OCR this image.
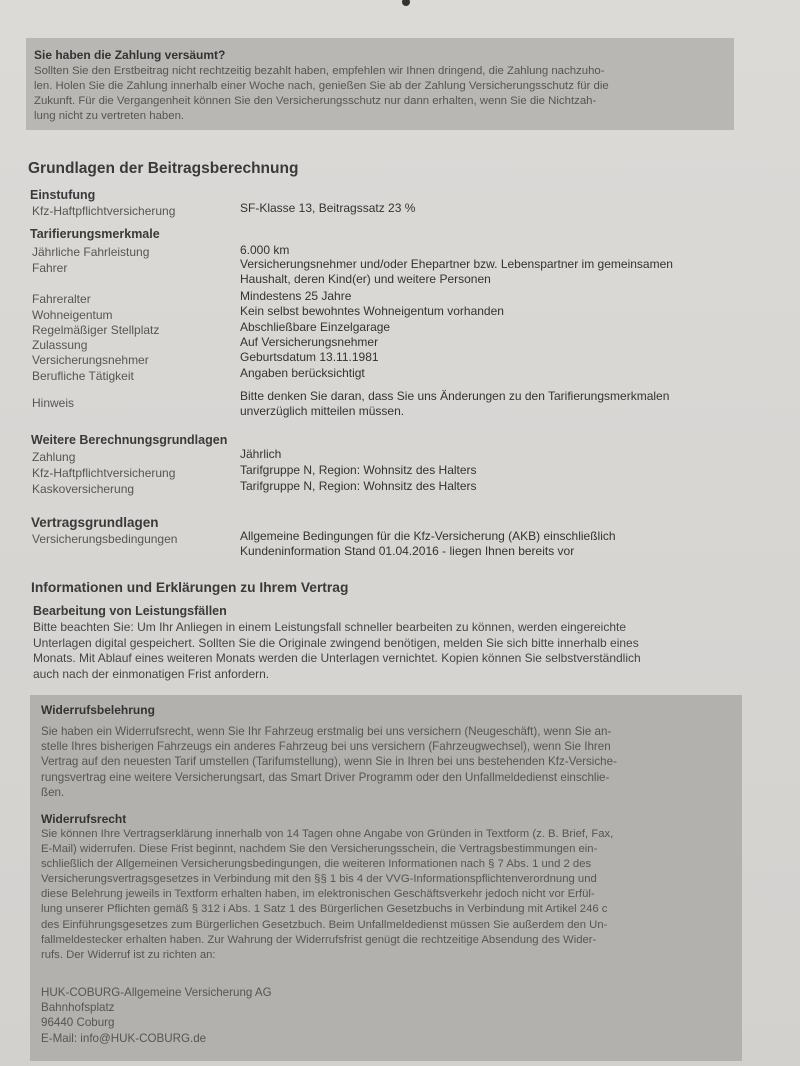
Sie haben die Zahlung versäumt?
Sollten Sie den Erstbeitrag nicht rechtzeitig bezahlt haben, empfehlen wir Ihnen dringend, die Zahlung nachzuho-
len. Holen Sie die Zahlung innerhalb einer Woche nach, genießen Sie ab der Zahlung Versicherungsschutz für die
Zukunft. Für die Vergangenheit können Sie den Versicherungsschutz nur dann erhalten, wenn Sie die Nichtzah-
lung nicht zu vertreten haben.
Grundlagen der Beitragsberechnung
Einstufung
Kfz-Haftpflichtversicherung	SF-Klasse 13, Beitragssatz 23 %
Tarifierungsmerkmale
Jährliche Fahrleistung	6.000 km
Fahrer	Versicherungsnehmer und/oder Ehepartner bzw. Lebenspartner im gemeinsamen
Haushalt, deren Kind(er) und weitere Personen
Fahreralter	Mindestens 25 Jahre
Wohneigentum	Kein selbst bewohntes Wohneigentum vorhanden
Regelmäßiger Stellplatz	Abschließbare Einzelgarage
Zulassung	Auf Versicherungsnehmer
Versicherungsnehmer	Geburtsdatum 13.11.1981
Berufliche Tätigkeit	Angaben berücksichtigt
Hinweis	Bitte denken Sie daran, dass Sie uns Änderungen zu den Tarifierungsmerkmalen
unverzüglich mitteilen müssen.
Weitere Berechnungsgrundlagen
Zahlung	Jährlich
Kfz-Haftpflichtversicherung	Tarifgruppe N, Region: Wohnsitz des Halters
Kaskoversicherung	Tarifgruppe N, Region: Wohnsitz des Halters
Vertragsgrundlagen
Versicherungsbedingungen	Allgemeine Bedingungen für die Kfz-Versicherung (AKB) einschließlich
Kundeninformation Stand 01.04.2016 - liegen Ihnen bereits vor
Informationen und Erklärungen zu Ihrem Vertrag
Bearbeitung von Leistungsfällen
Bitte beachten Sie: Um Ihr Anliegen in einem Leistungsfall schneller bearbeiten zu können, werden eingereichte
Unterlagen digital gespeichert. Sollten Sie die Originale zwingend benötigen, melden Sie sich bitte innerhalb eines
Monats. Mit Ablauf eines weiteren Monats werden die Unterlagen vernichtet. Kopien können Sie selbstverständlich
auch nach der einmonatigen Frist anfordern.
Widerrufsbelehrung
Sie haben ein Widerrufsrecht, wenn Sie Ihr Fahrzeug erstmalig bei uns versichern (Neugeschäft), wenn Sie an-
stelle Ihres bisherigen Fahrzeugs ein anderes Fahrzeug bei uns versichern (Fahrzeugwechsel), wenn Sie Ihren
Vertrag auf den neuesten Tarif umstellen (Tarifumstellung), wenn Sie in Ihren bei uns bestehenden Kfz-Versiche-
rungsvertrag eine weitere Versicherungsart, das Smart Driver Programm oder den Unfallmeldedienst einschlie-
ßen.
Widerrufsrecht
Sie können Ihre Vertragserklärung innerhalb von 14 Tagen ohne Angabe von Gründen in Textform (z. B. Brief, Fax,
E-Mail) widerrufen. Diese Frist beginnt, nachdem Sie den Versicherungsschein, die Vertragsbestimmungen ein-
schließlich der Allgemeinen Versicherungsbedingungen, die weiteren Informationen nach § 7 Abs. 1 und 2 des
Versicherungsvertragsgesetzes in Verbindung mit den §§ 1 bis 4 der VVG-Informationspflichtenverordnung und
diese Belehrung jeweils in Textform erhalten haben, im elektronischen Geschäftsverkehr jedoch nicht vor Erfül-
lung unserer Pflichten gemäß § 312 i Abs. 1 Satz 1 des Bürgerlichen Gesetzbuchs in Verbindung mit Artikel 246 c
des Einführungsgesetzes zum Bürgerlichen Gesetzbuch. Beim Unfallmeldedienst müssen Sie außerdem den Un-
fallmeldestecker erhalten haben. Zur Wahrung der Widerrufsfrist genügt die rechtzeitige Absendung des Wider-
rufs. Der Widerruf ist zu richten an:
HUK-COBURG-Allgemeine Versicherung AG
Bahnhofsplatz
96440 Coburg
E-Mail: info@HUK-COBURG.de
